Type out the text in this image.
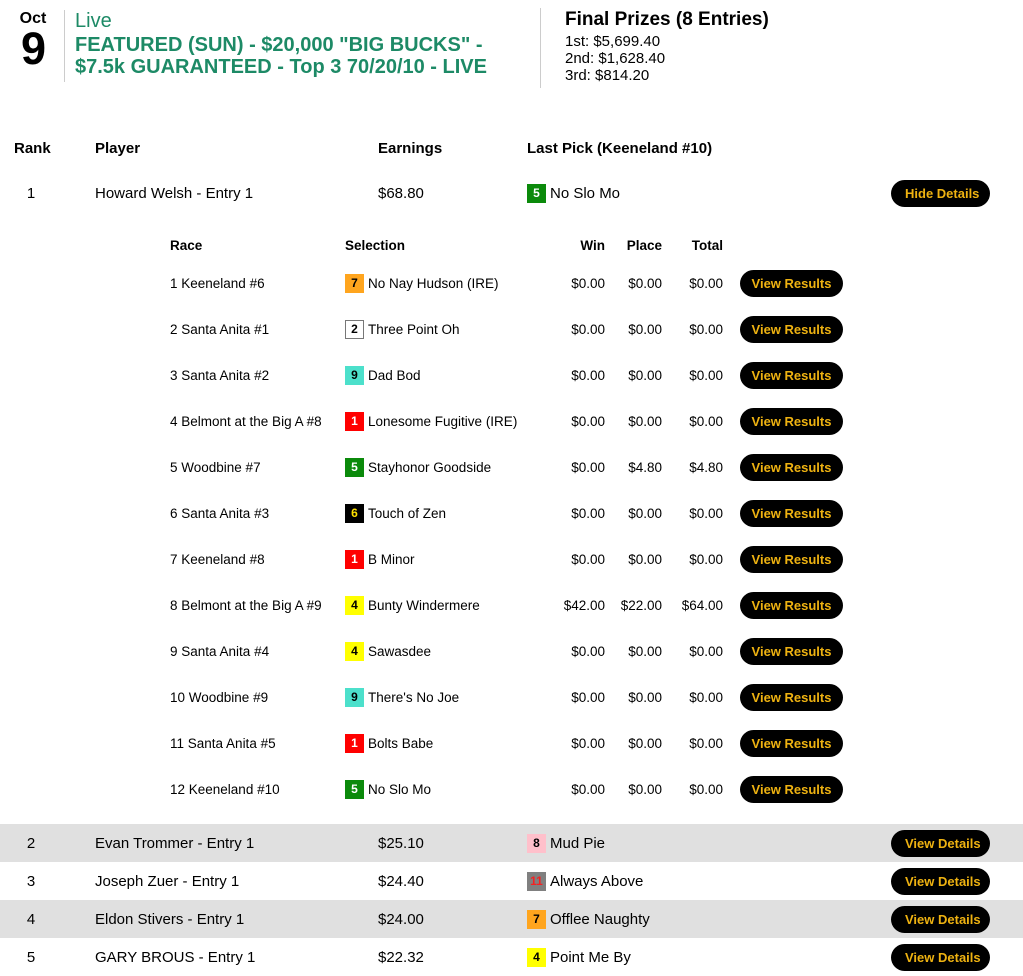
Oct
9
Live
FEATURED (SUN) - $20,000 "BIG BUCKS" - $7.5k GUARANTEED - Top 3 70/20/10 - LIVE
Final Prizes (8 Entries)
1st: $5,699.40
2nd: $1,628.40
3rd: $814.20
Rank	Player	Earnings	Last Pick (Keeneland #10)
1	Howard Welsh - Entry 1	$68.80	5 No Slo Mo	Hide Details
Race	Selection	Win	Place	Total
1 Keeneland #6	7 No Nay Hudson (IRE)	$0.00	$0.00	$0.00	View Results
2 Santa Anita #1	2 Three Point Oh	$0.00	$0.00	$0.00	View Results
3 Santa Anita #2	9 Dad Bod	$0.00	$0.00	$0.00	View Results
4 Belmont at the Big A #8	1 Lonesome Fugitive (IRE)	$0.00	$0.00	$0.00	View Results
5 Woodbine #7	5 Stayhonor Goodside	$0.00	$4.80	$4.80	View Results
6 Santa Anita #3	6 Touch of Zen	$0.00	$0.00	$0.00	View Results
7 Keeneland #8	1 B Minor	$0.00	$0.00	$0.00	View Results
8 Belmont at the Big A #9	4 Bunty Windermere	$42.00	$22.00	$64.00	View Results
9 Santa Anita #4	4 Sawasdee	$0.00	$0.00	$0.00	View Results
10 Woodbine #9	9 There's No Joe	$0.00	$0.00	$0.00	View Results
11 Santa Anita #5	1 Bolts Babe	$0.00	$0.00	$0.00	View Results
12 Keeneland #10	5 No Slo Mo	$0.00	$0.00	$0.00	View Results
2	Evan Trommer - Entry 1	$25.10	8 Mud Pie	View Details
3	Joseph Zuer - Entry 1	$24.40	11 Always Above	View Details
4	Eldon Stivers - Entry 1	$24.00	7 Offlee Naughty	View Details
5	GARY BROUS - Entry 1	$22.32	4 Point Me By	View Details
